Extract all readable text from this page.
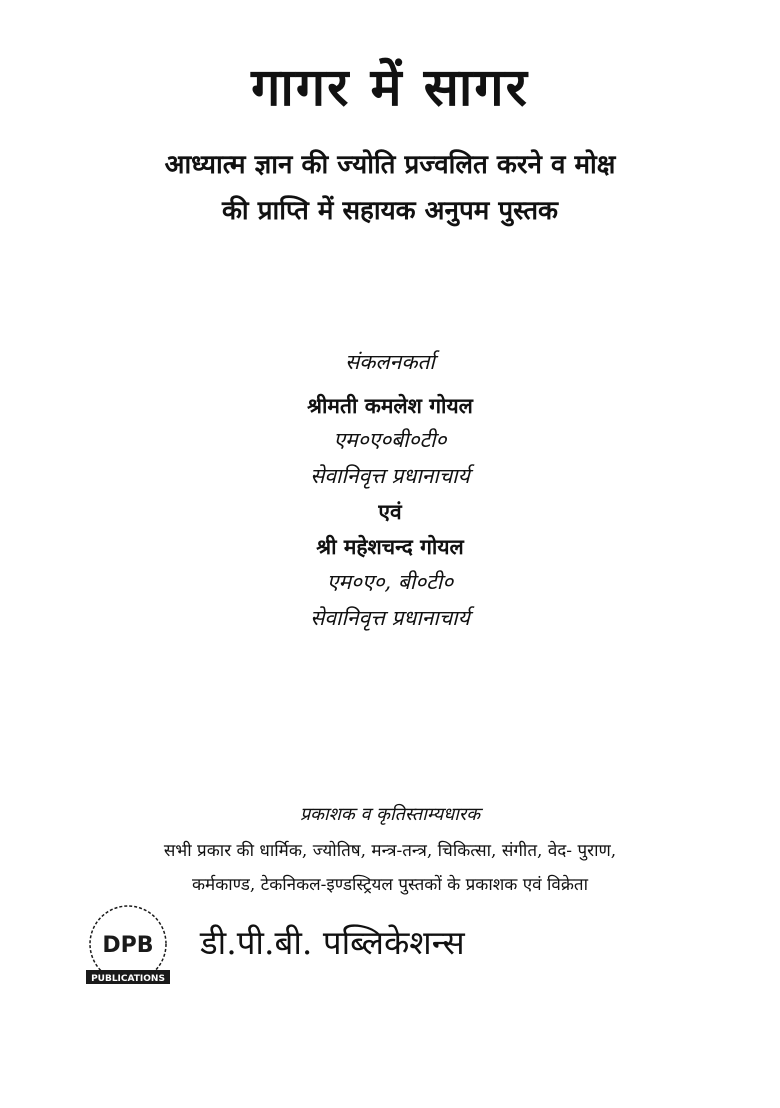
गागर में सागर
आध्यात्म ज्ञान की ज्योति प्रज्वलित करने व मोक्ष
की प्राप्ति में सहायक अनुपम पुस्तक
संकलनकर्ता
श्रीमती कमलेश गोयल
एम०ए०बी०टी०
सेवानिवृत्त प्रधानाचार्य
एवं
श्री महेशचन्द गोयल
एम०ए०, बी०टी०
सेवानिवृत्त प्रधानाचार्य
प्रकाशक व कृतिस्ताम्यधारक
सभी प्रकार की धार्मिक, ज्योतिष, मन्त्र-तन्त्र, चिकित्सा, संगीत, वेद- पुराण,
कर्मकाण्ड, टेकनिकल-इण्डस्ट्रियल पुस्तकों के प्रकाशक एवं विक्रेता
DPB
PUBLICATIONS
डी.पी.बी. पब्लिकेशन्स
